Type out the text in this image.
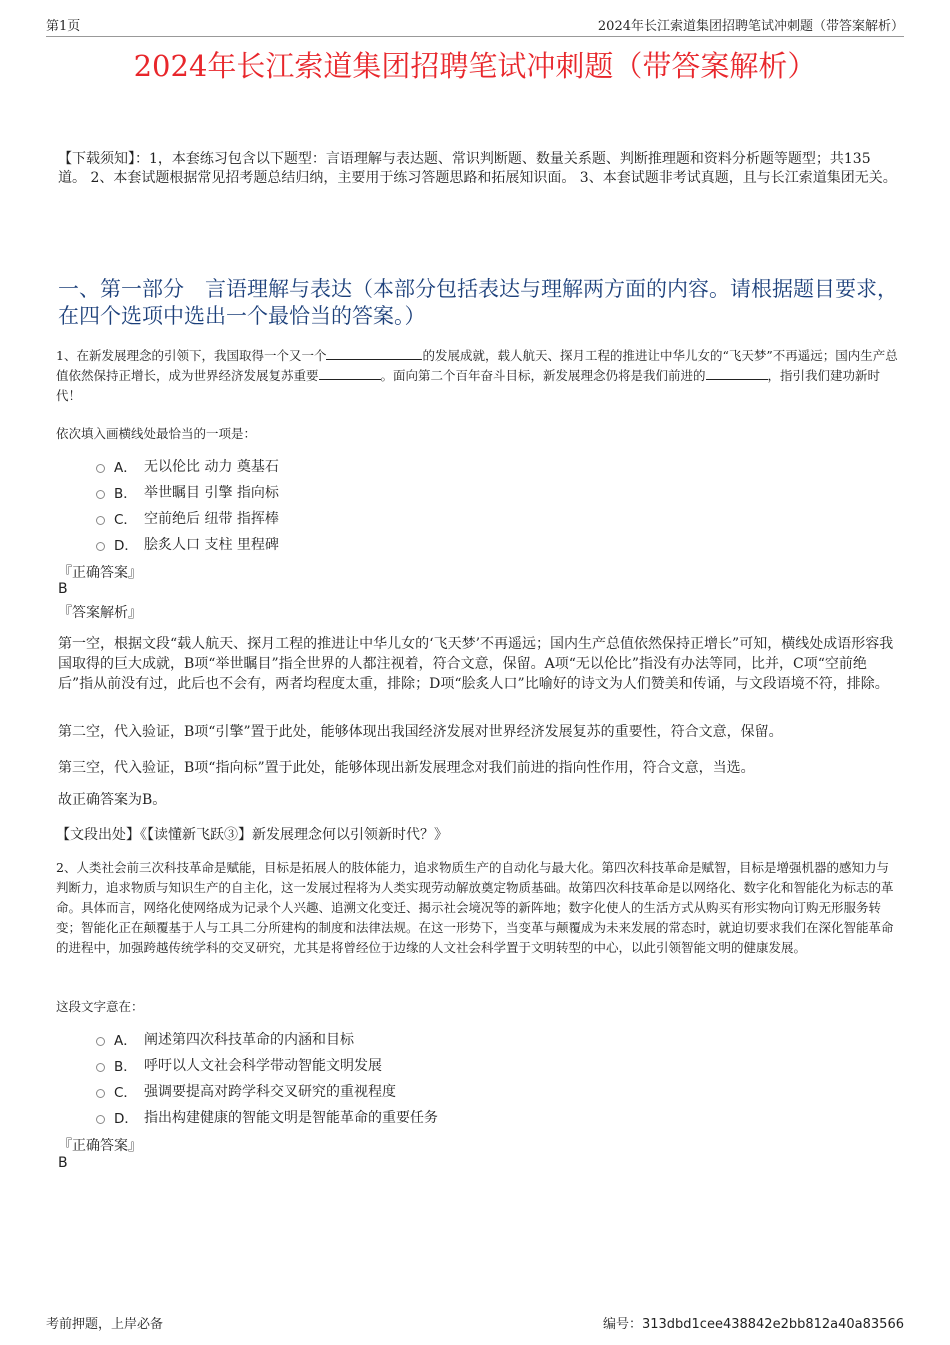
第1页	2024年长江索道集团招聘笔试冲刺题（带答案解析）
2024年长江索道集团招聘笔试冲刺题（带答案解析）
【下载须知】：1，本套练习包含以下题型：言语理解与表达题、常识判断题、数量关系题、判断推理题和资料分析题等题型；共135道。 2、本套试题根据常见招考题总结归纳，主要用于练习答题思路和拓展知识面。 3、本套试题非考试真题，且与长江索道集团无关。
一、第一部分　言语理解与表达（本部分包括表达与理解两方面的内容。请根据题目要求，在四个选项中选出一个最恰当的答案。）
1、在新发展理念的引领下，我国取得一个又一个	的发展成就，载人航天、探月工程的推进让中华儿女的“飞天梦”不再遥远；国内生产总值依然保持正增长，成为世界经济发展复苏重要	。面向第二个百年奋斗目标，新发展理念仍将是我们前进的	，指引我们建功新时代！
依次填入画横线处最恰当的一项是：
A． 无以伦比 动力 奠基石
B． 举世瞩目 引擎 指向标
C． 空前绝后 纽带 指挥棒
D． 脍炙人口 支柱 里程碑
『正确答案』
B
『答案解析』
第一空，根据文段“载人航天、探月工程的推进让中华儿女的‘飞天梦’不再遥远；国内生产总值依然保持正增长”可知，横线处成语形容我国取得的巨大成就，B项“举世瞩目”指全世界的人都注视着，符合文意，保留。A项“无以伦比”指没有办法等同，比并，C项“空前绝后”指从前没有过，此后也不会有，两者均程度太重，排除；D项“脍炙人口”比喻好的诗文为人们赞美和传诵，与文段语境不符，排除。
第二空，代入验证，B项“引擎”置于此处，能够体现出我国经济发展对世界经济发展复苏的重要性，符合文意，保留。
第三空，代入验证，B项“指向标”置于此处，能够体现出新发展理念对我们前进的指向性作用，符合文意，当选。
故正确答案为B。
【文段出处】《【读懂新飞跃③】新发展理念何以引领新时代？》
2、人类社会前三次科技革命是赋能，目标是拓展人的肢体能力，追求物质生产的自动化与最大化。第四次科技革命是赋智，目标是增强机器的感知力与判断力，追求物质与知识生产的自主化，这一发展过程将为人类实现劳动解放奠定物质基础。故第四次科技革命是以网络化、数字化和智能化为标志的革命。具体而言，网络化使网络成为记录个人兴趣、追溯文化变迁、揭示社会境况等的新阵地；数字化使人的生活方式从购买有形实物向订购无形服务转变；智能化正在颠覆基于人与工具二分所建构的制度和法律法规。在这一形势下，当变革与颠覆成为未来发展的常态时，就迫切要求我们在深化智能革命的进程中，加强跨越传统学科的交叉研究，尤其是将曾经位于边缘的人文社会科学置于文明转型的中心，以此引领智能文明的健康发展。
这段文字意在：
A． 阐述第四次科技革命的内涵和目标
B． 呼吁以人文社会科学带动智能文明发展
C． 强调要提高对跨学科交叉研究的重视程度
D． 指出构建健康的智能文明是智能革命的重要任务
『正确答案』
B
考前押题，上岸必备	编号：313dbd1cee438842e2bb812a40a83566
